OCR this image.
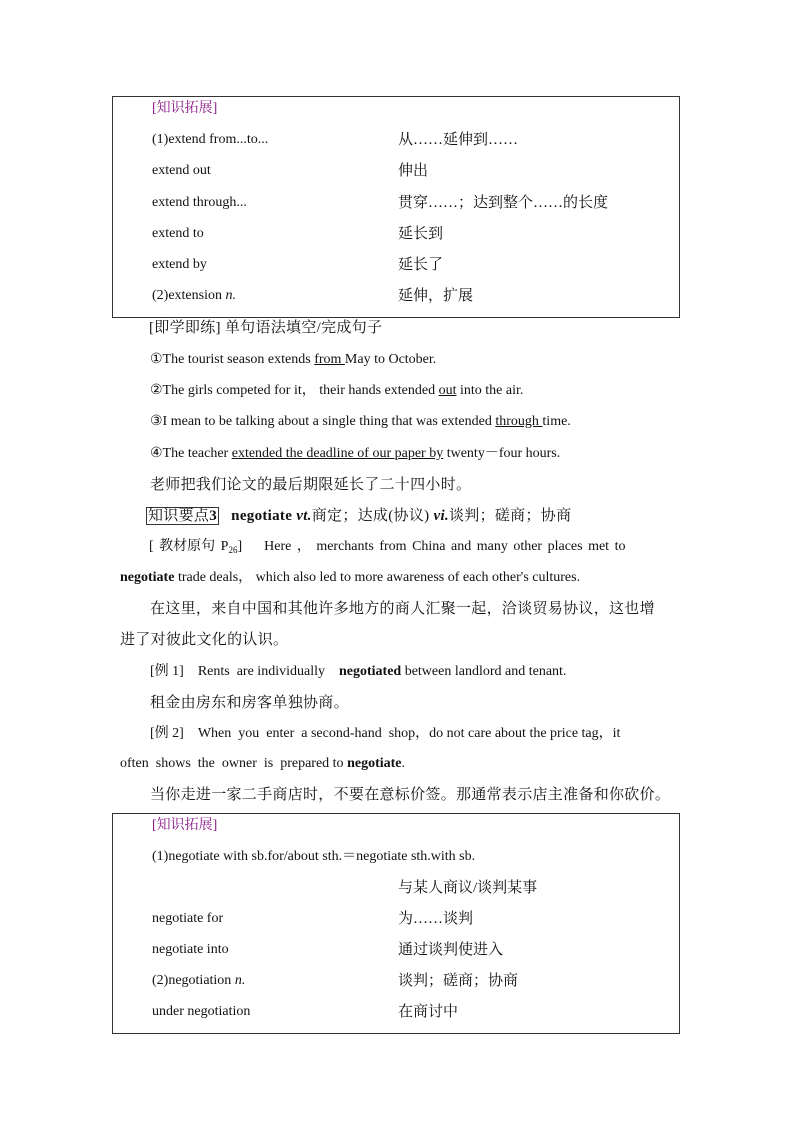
[知识拓展]
(1)extend from...to...	从……延伸到……
extend out	伸出
extend through...	贯穿……；达到整个……的长度
extend to	延长到
extend by	延长了
(2)extension n.	延伸，扩展
[即学即练] 单句语法填空/完成句子
①The tourist season extends from May to October.
②The girls competed for it， their hands extended out into the air.
③I mean to be talking about a single thing that was extended through time.
④The teacher extended the deadline of our paper by twenty－four hours.
老师把我们论文的最后期限延长了二十四小时。
知识要点3 negotiate vt.商定；达成(协议) vi.谈判；磋商；协商
[ 教材原句 $P_{26}$] Here ， merchants from China and many other places met to
negotiate trade deals， which also led to more awareness of each other's cultures.
在这里，来自中国和其他许多地方的商人汇聚一起，洽谈贸易协议，这也增
进了对彼此文化的认识。
[例 1]    Rents  are individually    negotiated between landlord and tenant.
租金由房东和房客单独协商。
[例 2]    When  you  enter  a second-hand  shop，do not care about the price tag，it
often  shows  the  owner  is  prepared to negotiate.
当你走进一家二手商店时，不要在意标价签。那通常表示店主准备和你砍价。
[知识拓展]
(1)negotiate with sb.for/about sth.＝negotiate sth.with sb.
与某人商议/谈判某事
negotiate for	为……谈判
negotiate into	通过谈判使进入
(2)negotiation n.	谈判；磋商；协商
under negotiation	在商讨中
